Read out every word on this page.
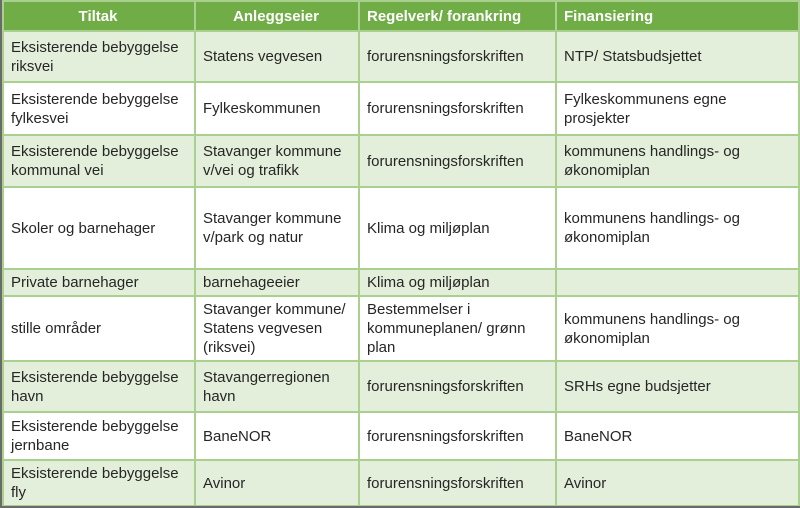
Tiltak	Anleggseier	Regelverk/ forankring	Finansiering
Eksisterende bebyggelse riksvei	Statens vegvesen	forurensningsforskriften	NTP/ Statsbudsjettet
Eksisterende bebyggelse fylkesvei	Fylkeskommunen	forurensningsforskriften	Fylkeskommunens egne prosjekter
Eksisterende bebyggelse kommunal vei	Stavanger kommune v/vei og trafikk	forurensningsforskriften	kommunens handlings- og økonomiplan
Skoler og barnehager	Stavanger kommune v/park og natur	Klima og miljøplan	kommunens handlings- og økonomiplan
Private barnehager	barnehageeier	Klima og miljøplan	
stille områder	Stavanger kommune/ Statens vegvesen (riksvei)	Bestemmelser i kommuneplanen/ grønn plan	kommunens handlings- og økonomiplan
Eksisterende bebyggelse havn	Stavangerregionen havn	forurensningsforskriften	SRHs egne budsjetter
Eksisterende bebyggelse jernbane	BaneNOR	forurensningsforskriften	BaneNOR
Eksisterende bebyggelse fly	Avinor	forurensningsforskriften	Avinor
